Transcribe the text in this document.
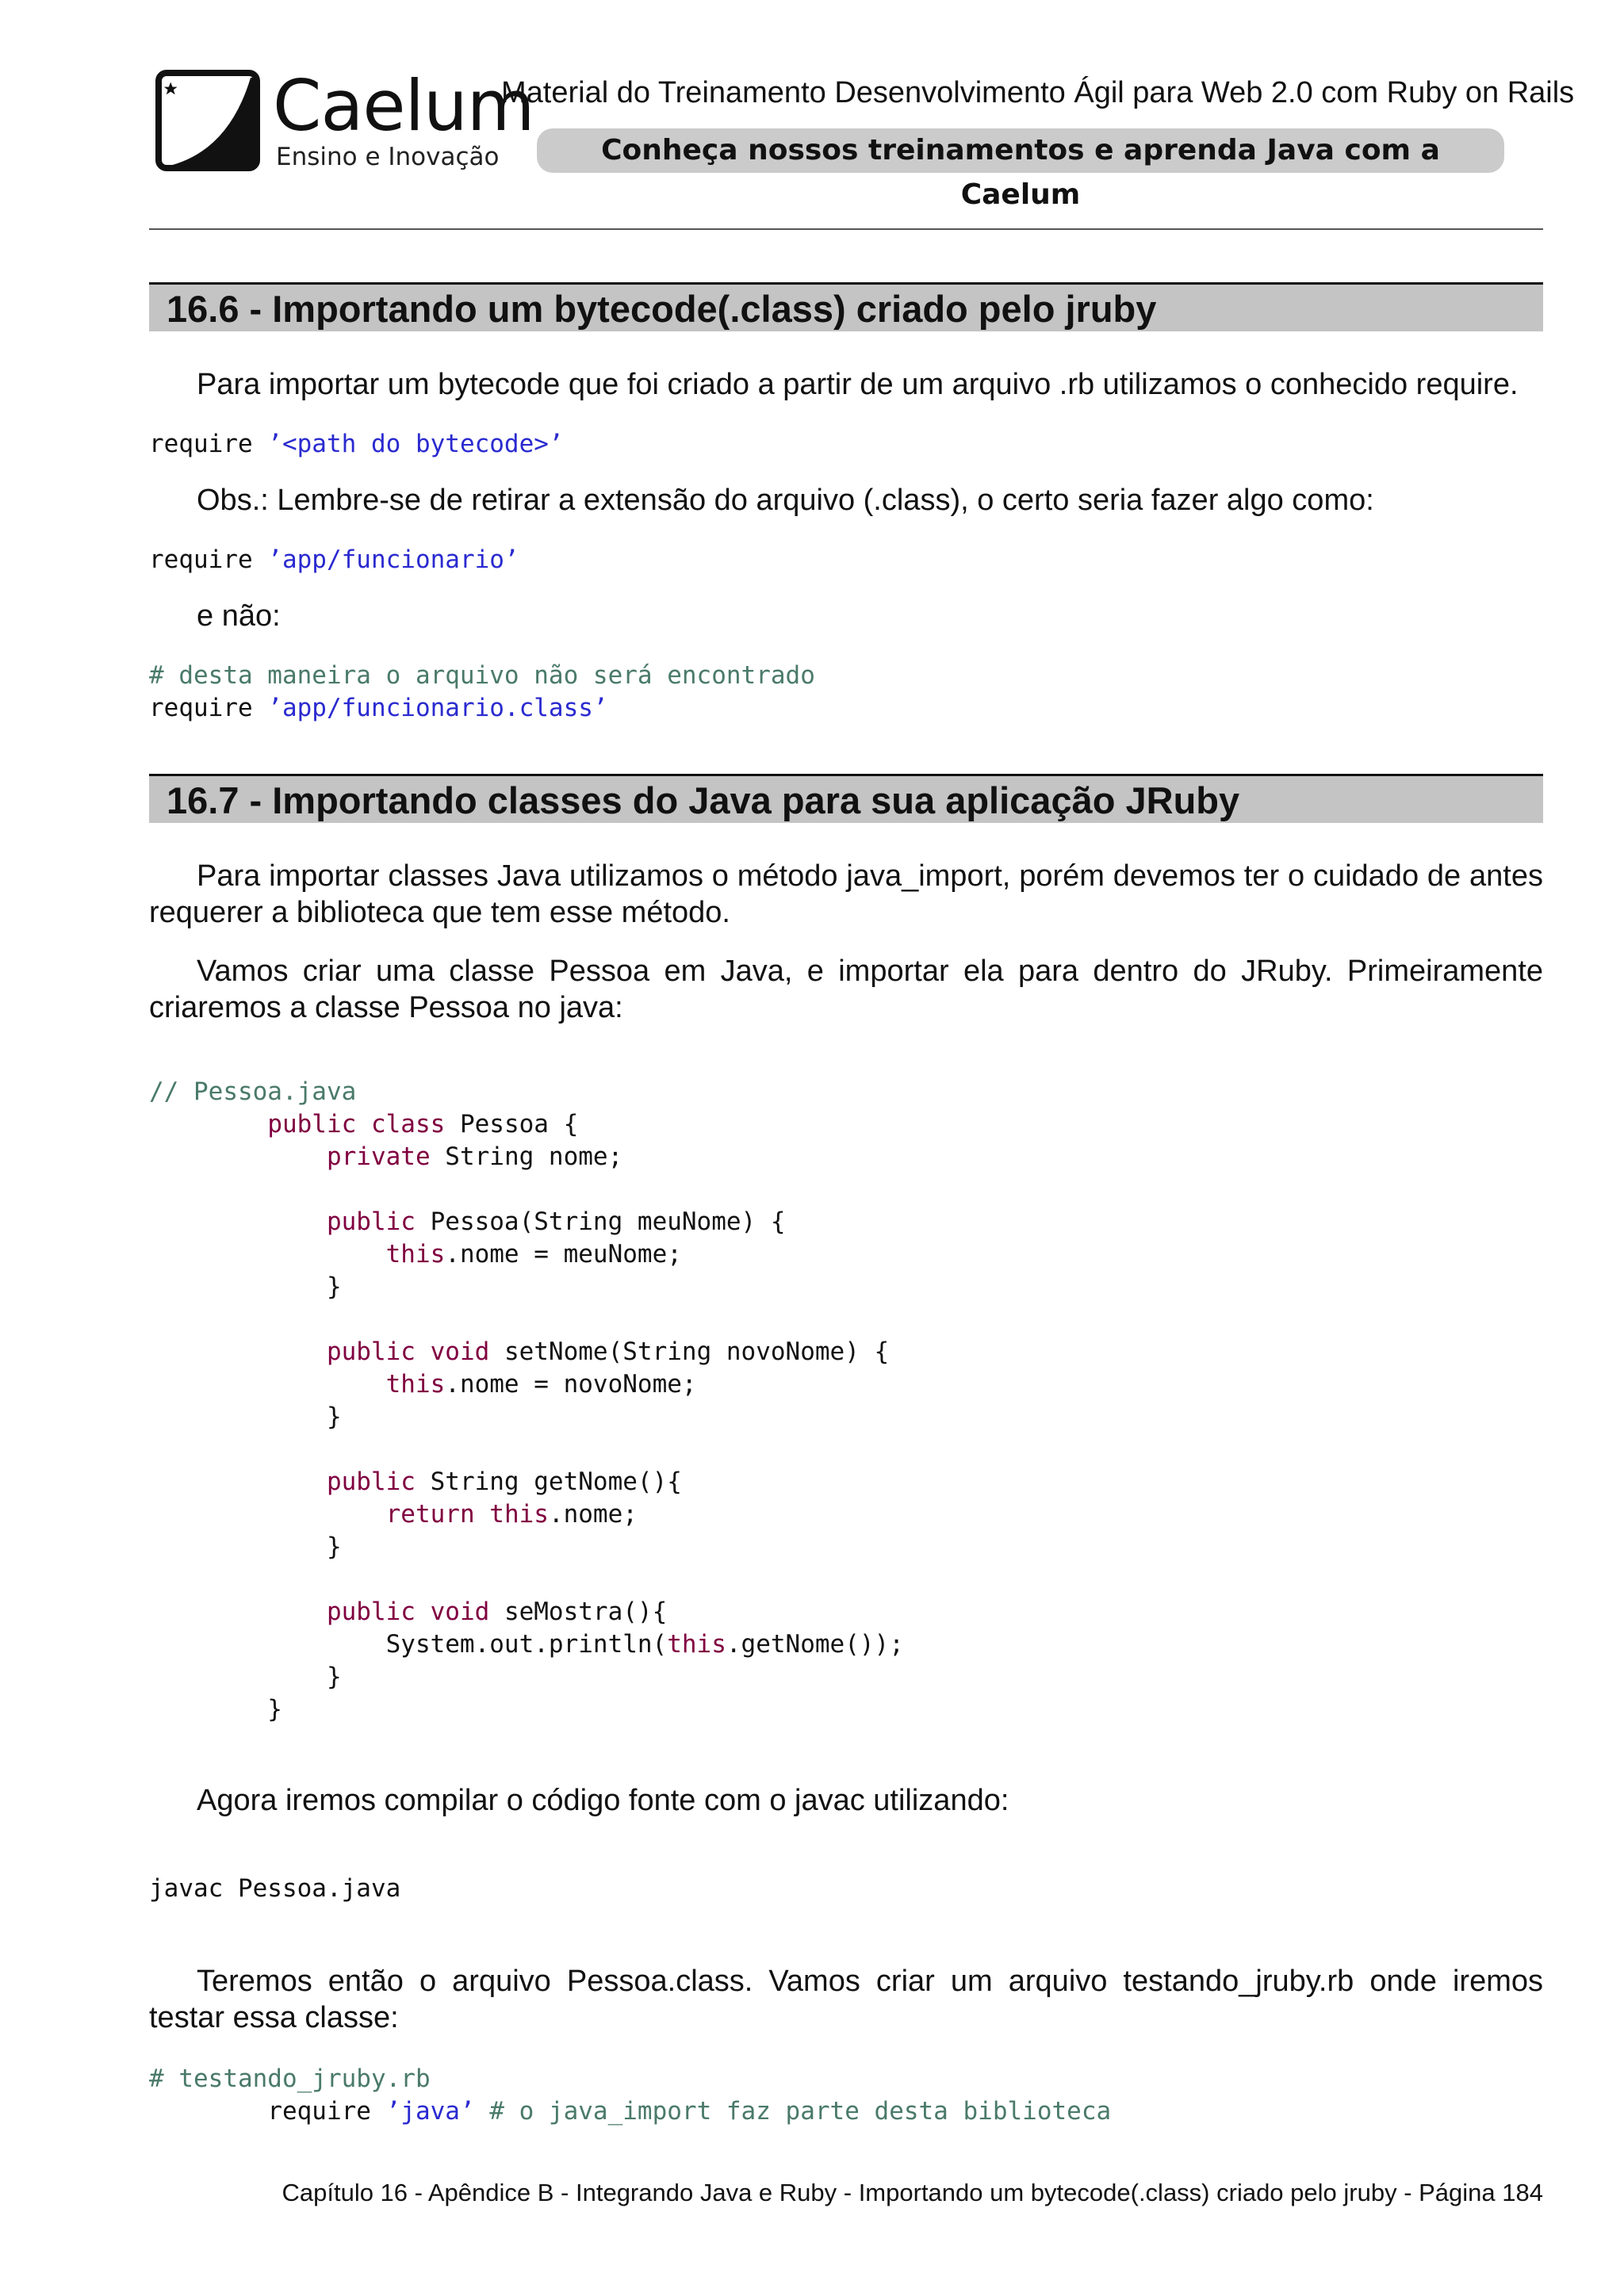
Caelum
Ensino e Inovação
Material do Treinamento Desenvolvimento Ágil para Web 2.0 com Ruby on Rails
Conheça nossos treinamentos e aprenda Java com a Caelum
16.6 - Importando um bytecode(.class) criado pelo jruby
Para importar um bytecode que foi criado a partir de um arquivo .rb utilizamos o conhecido require.
require ’<path do bytecode>’
Obs.: Lembre-se de retirar a extensão do arquivo (.class), o certo seria fazer algo como:
require ’app/funcionario’
e não:
# desta maneira o arquivo não será encontrado
require ’app/funcionario.class’
16.7 - Importando classes do Java para sua aplicação JRuby
Para importar classes Java utilizamos o método java_import, porém devemos ter o cuidado de antes requerer a biblioteca que tem esse método.
Vamos criar uma classe Pessoa em Java, e importar ela para dentro do JRuby. Primeiramente criaremos a classe Pessoa no java:
// Pessoa.java
public class Pessoa {
private String nome;

public Pessoa(String meuNome) {
this.nome = meuNome;
}

public void setNome(String novoNome) {
this.nome = novoNome;
}

public String getNome(){
return this.nome;
}

public void seMostra(){
System.out.println(this.getNome());
}
}
Agora iremos compilar o código fonte com o javac utilizando:
javac Pessoa.java
Teremos então o arquivo Pessoa.class. Vamos criar um arquivo testando_jruby.rb onde iremos testar essa classe:
# testando_jruby.rb
require ’java’ # o java_import faz parte desta biblioteca
Capítulo 16 - Apêndice B - Integrando Java e Ruby - Importando um bytecode(.class) criado pelo jruby - Página 184
